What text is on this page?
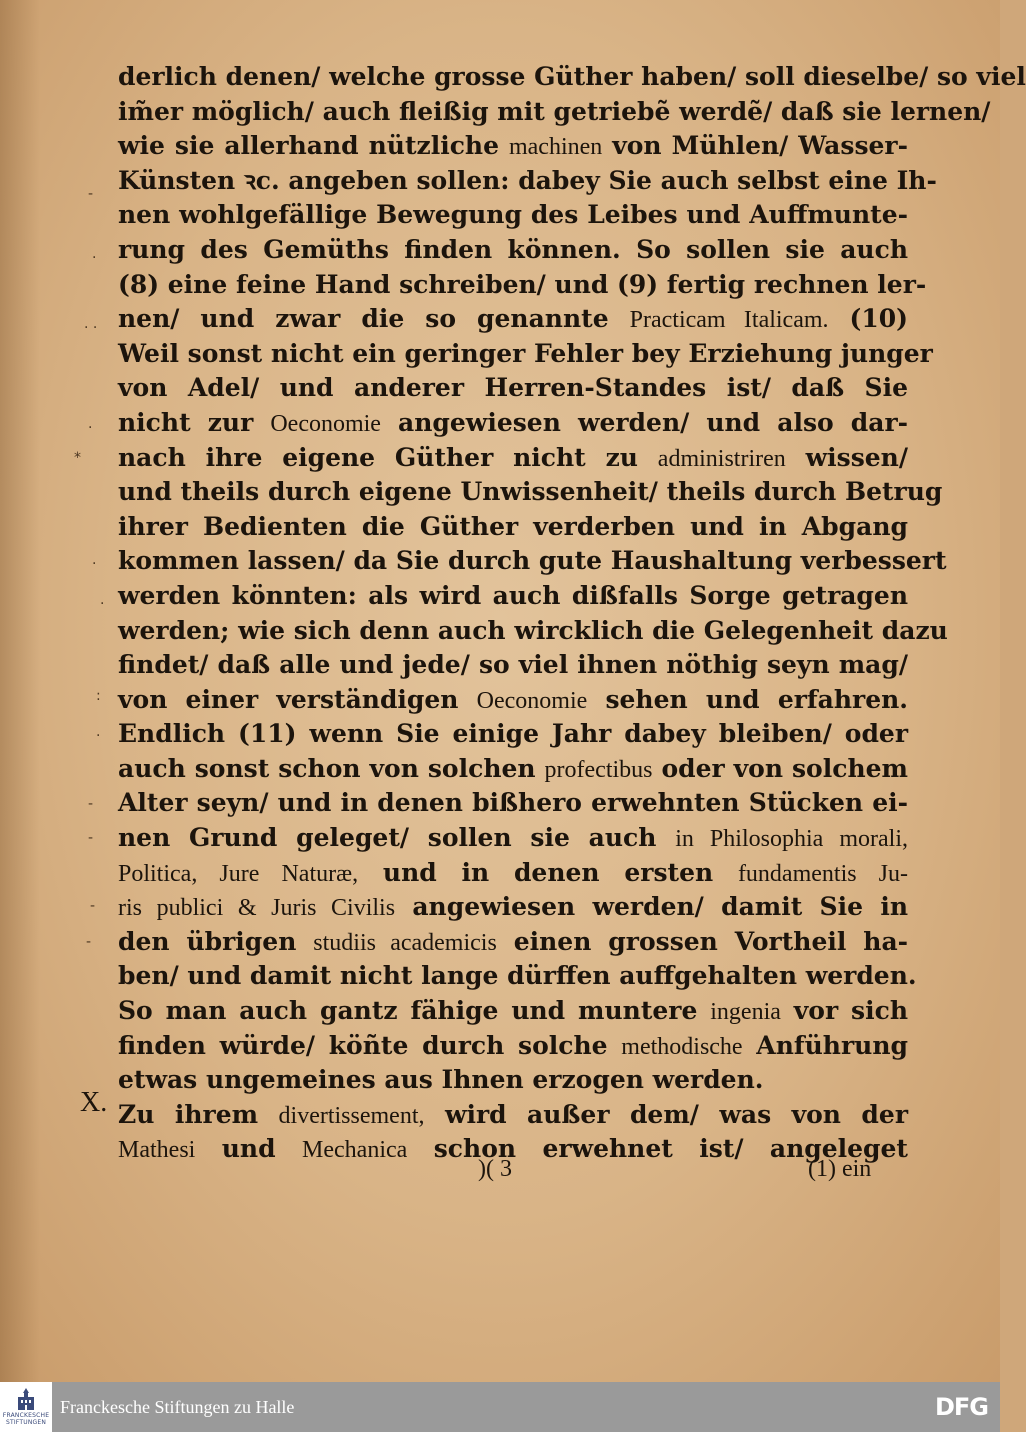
derlich denen/ welche grosse Güther haben/ soll dieselbe/ so viel
im̃er möglich/ auch fleißig mit getriebẽ werdẽ/ daß sie lernen/
wie sie allerhand nützliche machinen von Mühlen/ Wasser-
Künsten ꝛc. angeben sollen: dabey Sie auch selbst eine Ih-
nen wohlgefällige Bewegung des Leibes und Auffmunte-
rung des Gemüths finden können. So sollen sie auch
(8) eine feine Hand schreiben/ und (9) fertig rechnen ler-
nen/ und zwar die so genannte Practicam Italicam. (10)
Weil sonst nicht ein geringer Fehler bey Erziehung junger
von Adel/ und anderer Herren-Standes ist/ daß Sie
nicht zur Oeconomie angewiesen werden/ und also dar-
nach ihre eigene Güther nicht zu administriren wissen/
und theils durch eigene Unwissenheit/ theils durch Betrug
ihrer Bedienten die Güther verderben und in Abgang
kommen lassen/ da Sie durch gute Haushaltung verbessert
werden könnten: als wird auch dißfalls Sorge getragen
werden; wie sich denn auch wircklich die Gelegenheit dazu
findet/ daß alle und jede/ so viel ihnen nöthig seyn mag/
von einer verständigen Oeconomie sehen und erfahren.
Endlich (11) wenn Sie einige Jahr dabey bleiben/ oder
auch sonst schon von solchen profectibus oder von solchem
Alter seyn/ und in denen bißhero erwehnten Stücken ei-
nen Grund geleget/ sollen sie auch in Philosophia morali,
Politica, Jure Naturæ, und in denen ersten fundamentis Ju-
ris publici & Juris Civilis angewiesen werden/ damit Sie in
den übrigen studiis academicis einen grossen Vortheil ha-
ben/ und damit nicht lange dürffen auffgehalten werden.
So man auch gantz fähige und muntere ingenia vor sich
finden würde/ köñte durch solche methodische Anführung
etwas ungemeines aus Ihnen erzogen werden.
Zu ihrem divertissement, wird außer dem/ was von der
Mathesi und Mechanica schon erwehnet ist/ angeleget
X.
)( 3	(1) ein
-
·
· ·
·
*
·
.
:
·
-
-
-
-
FRANCKESCHE STIFTUNGEN
Franckesche Stiftungen zu Halle	DFG
